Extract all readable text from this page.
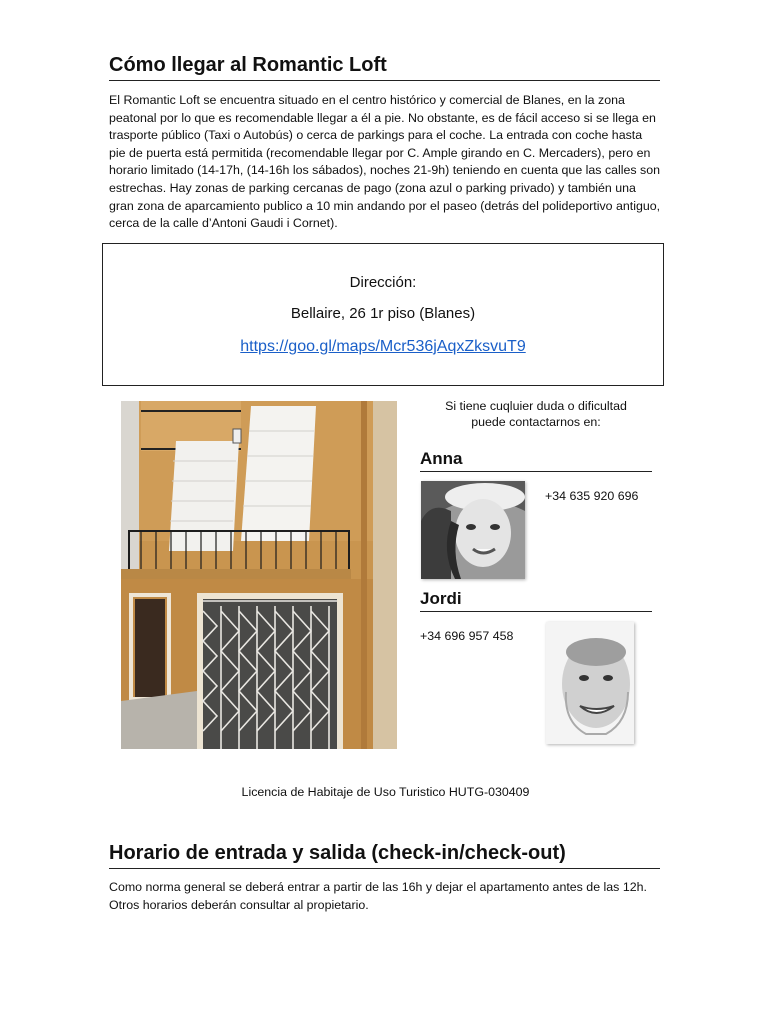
Cómo llegar al Romantic Loft

El Romantic Loft se encuentra situado en el centro histórico y comercial de Blanes, en la zona peatonal por lo que es recomendable llegar a él a pie. No obstante, es de fácil acceso si se llega en trasporte público (Taxi o Autobús) o cerca de parkings para el coche. La entrada con coche hasta pie de puerta está permitida (recomendable llegar por C. Ample girando en C. Mercaders), pero en horario limitado (14-17h, (14-16h los sábados), noches 21-9h) teniendo en cuenta que las calles son estrechas. Hay zonas de parking cercanas de pago (zona azul o parking privado) y también una gran zona de aparcamiento publico a 10 min andando por el paseo (detrás del polideportivo antiguo, cerca de la calle d’Antoni Gaudi i Cornet).

Dirección:
Bellaire, 26 1r piso (Blanes)
https://goo.gl/maps/Mcr536jAqxZksvuT9
Si tiene cuqluier duda o dificultad
puede contactarnos en:
Anna
+34 635 920 696
Jordi
+34 696 957 458
Licencia de Habitaje de Uso Turistico HUTG-030409
Horario de entrada y salida (check-in/check-out)

Como norma general se deberá entrar a partir de las 16h y dejar el apartamento antes de las 12h. Otros horarios deberán consultar al propietario.
